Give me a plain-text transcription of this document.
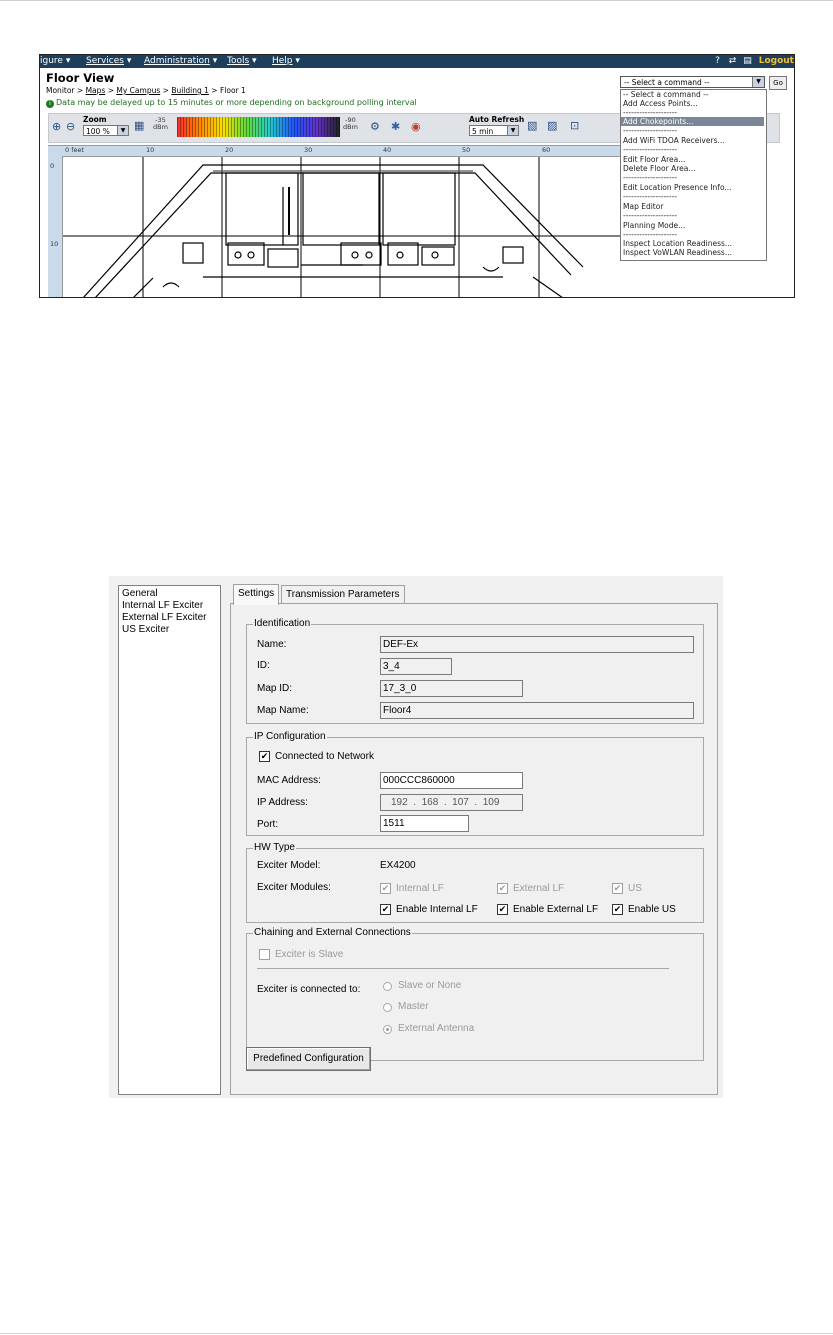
igure ▾ Services ▾ Administration ▾ Tools ▾ Help ▾	? ⇄ ▤ Logout
Floor View
Monitor > Maps > My Campus > Building 1 > Floor 1
i Data may be delayed up to 15 minutes or more depending on background polling interval
⊕ ⊖
Zoom
100 %	▼ ▦	-35
dBm
-90
dBm ⚙ ✱ ◉
Auto Refresh
5 min	▼ ▧ ▨ ⊡
0 feet	10	20	30	40	50	60
0
10
-- Select a command --	▼	Go
-- Select a command --
Add Access Points...
--------------------
Add Chokepoints...
--------------------
Add WiFi TDOA Receivers...
--------------------
Edit Floor Area...
Delete Floor Area...
--------------------
Edit Location Presence Info...
--------------------
Map Editor
--------------------
Planning Mode...
--------------------
Inspect Location Readiness...
Inspect VoWLAN Readiness...
General
Internal LF Exciter
External LF Exciter
US Exciter
Settings	Transmission Parameters
Identification
Name:	DEF-Ex
ID:	3_4
Map ID:	17_3_0
Map Name:	Floor4
IP Configuration
✔ Connected to Network
MAC Address:	000CCC860000
IP Address:	192  .  168  .  107  .  109
Port:	1511
HW Type
Exciter Model:	EX4200
Exciter Modules:	✔ Internal LF	✔ External LF	✔ US
✔ Enable Internal LF ✔ Enable External LF ✔ Enable US
Chaining and External Connections
Exciter is Slave
Exciter is connected to:	Slave or None
Master
External Antenna
Predefined Configuration
